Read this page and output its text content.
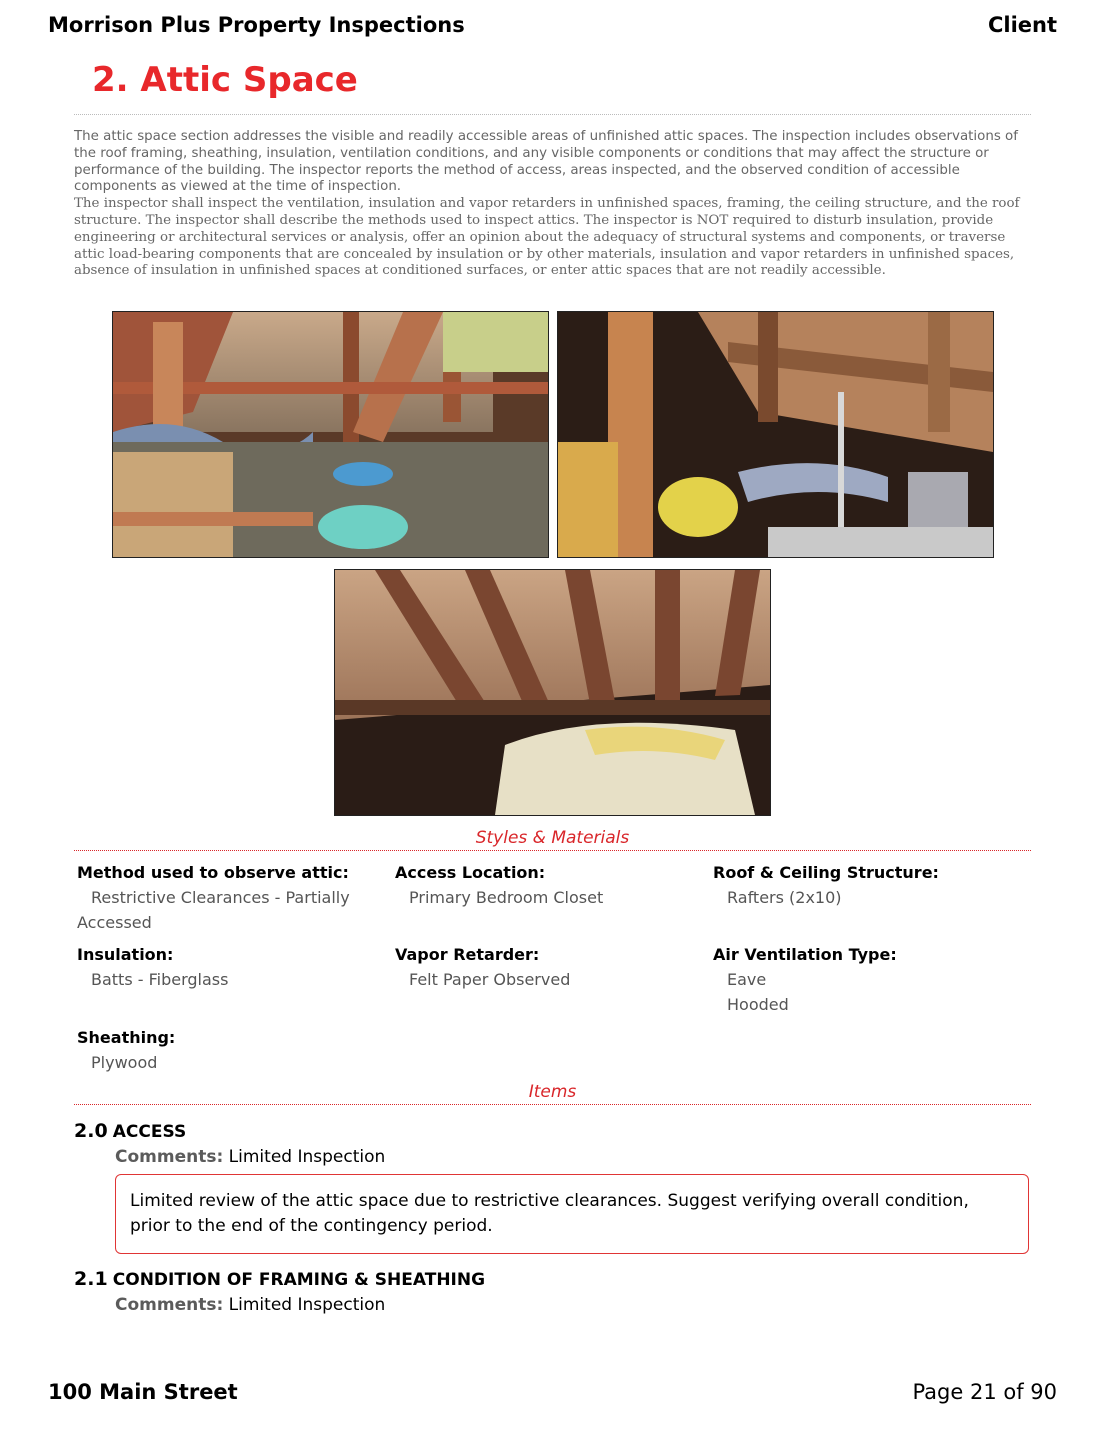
Morrison Plus Property Inspections	Client
2. Attic Space

The attic space section addresses the visible and readily accessible areas of unfinished attic spaces. The inspection includes observations of the roof framing, sheathing, insulation, ventilation conditions, and any visible components or conditions that may affect the structure or performance of the building. The inspector reports the method of access, areas inspected, and the observed condition of accessible components as viewed at the time of inspection.

The inspector shall inspect the ventilation, insulation and vapor retarders in unfinished spaces, framing, the ceiling structure, and the roof structure. The inspector shall describe the methods used to inspect attics. The inspector is NOT required to disturb insulation, provide engineering or architectural services or analysis, offer an opinion about the adequacy of structural systems and components, or traverse attic load-bearing components that are concealed by insulation or by other materials, insulation and vapor retarders in unfinished spaces, absence of insulation in unfinished spaces at conditioned surfaces, or enter attic spaces that are not readily accessible.

Styles & Materials
Method used to observe attic:
Restrictive Clearances - Partially Accessed
Access Location:
Primary Bedroom Closet
Roof & Ceiling Structure:
Rafters (2x10)
Insulation:
Batts - Fiberglass
Vapor Retarder:
Felt Paper Observed
Air Ventilation Type:
Eave
Hooded
Sheathing:
Plywood
Items
2.0 ACCESS
Comments: Limited Inspection
Limited review of the attic space due to restrictive clearances. Suggest verifying overall condition, prior to the end of the contingency period.
2.1 CONDITION OF FRAMING & SHEATHING
Comments: Limited Inspection
100 Main Street	Page 21 of 90
